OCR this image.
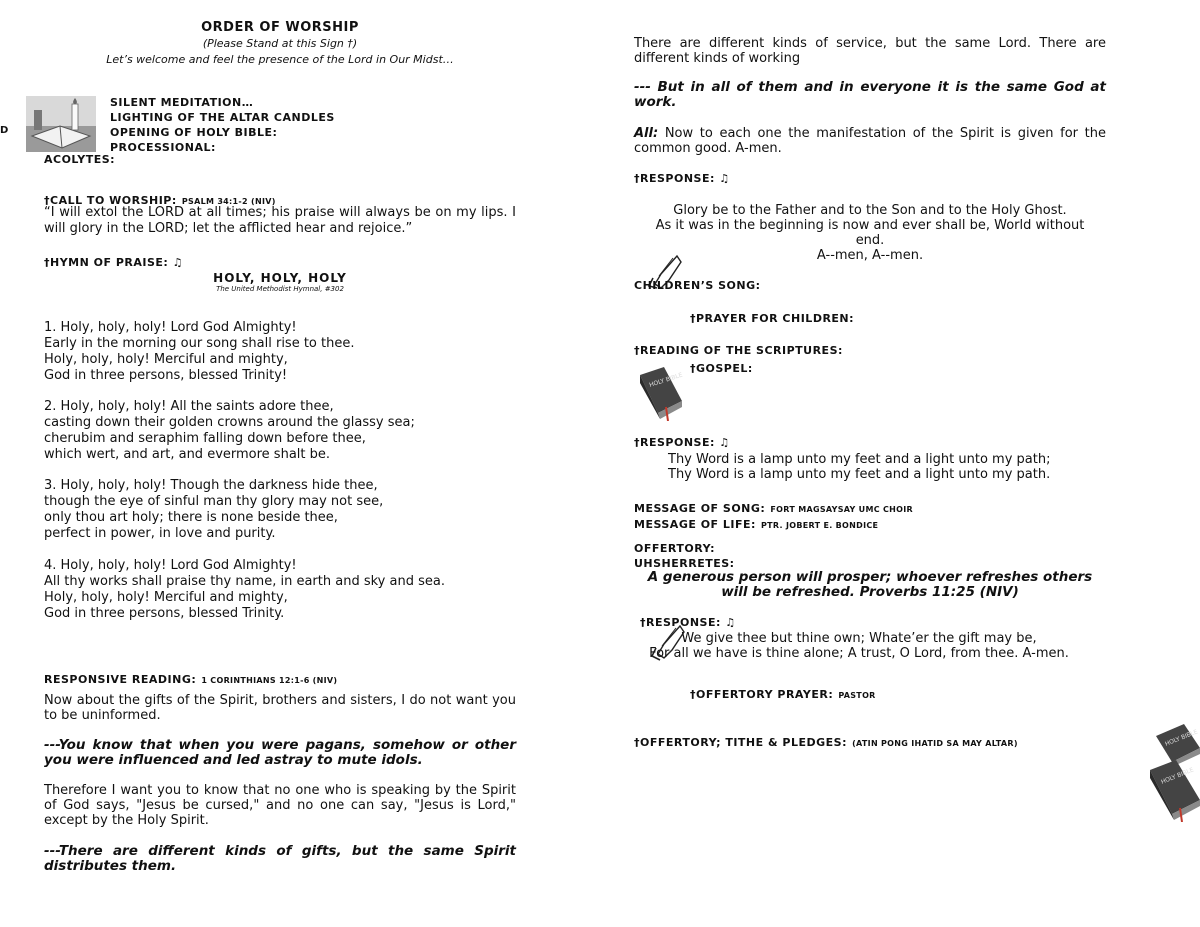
ORDER OF WORSHIP
(Please Stand at this Sign †)
Let’s welcome and feel the presence of the Lord in Our Midst…
D
SILENT MEDITATION…
LIGHTING OF THE ALTAR CANDLES
OPENING OF HOLY BIBLE:
PROCESSIONAL:
ACOLYTES:
†CALL TO WORSHIP: PSALM 34:1-2 (NIV)
“I will extol the LORD at all times; his praise will always be on my lips. I will glory in the LORD; let the afflicted hear and rejoice.”
†HYMN OF PRAISE: ♫
HOLY, HOLY, HOLY
The United Methodist Hymnal, #302
1. Holy, holy, holy! Lord God Almighty!
Early in the morning our song shall rise to thee.
Holy, holy, holy! Merciful and mighty,
God in three persons, blessed Trinity!
2. Holy, holy, holy! All the saints adore thee,
casting down their golden crowns around the glassy sea;
cherubim and seraphim falling down before thee,
which wert, and art, and evermore shalt be.
3. Holy, holy, holy! Though the darkness hide thee,
though the eye of sinful man thy glory may not see,
only thou art holy; there is none beside thee,
perfect in power, in love and purity.
4. Holy, holy, holy! Lord God Almighty!
All thy works shall praise thy name, in earth and sky and sea.
Holy, holy, holy! Merciful and mighty,
God in three persons, blessed Trinity.
RESPONSIVE READING: 1 CORINTHIANS 12:1-6 (NIV)
Now about the gifts of the Spirit, brothers and sisters, I do not want you to be uninformed.
---You know that when you were pagans, somehow or other you were influenced and led astray to mute idols.
Therefore I want you to know that no one who is speaking by the Spirit of God says, "Jesus be cursed," and no one can say, "Jesus is Lord," except by the Holy Spirit.
---There are different kinds of gifts, but the same Spirit distributes them.
There are different kinds of service, but the same Lord. There are different kinds of working
--- But in all of them and in everyone it is the same God at work.
All: Now to each one the manifestation of the Spirit is given for the common good. A-men.
†RESPONSE: ♫
Glory be to the Father and to the Son and to the Holy Ghost.
As it was in the beginning is now and ever shall be, World without
end.
A--men, A--men.
CHILDREN’S SONG:
†PRAYER FOR CHILDREN:
†READING OF THE SCRIPTURES:
HOLY BIBLE
†GOSPEL:
†RESPONSE: ♫
Thy Word is a lamp unto my feet and a light unto my path;
Thy Word is a lamp unto my feet and a light unto my path.
MESSAGE OF SONG: FORT MAGSAYSAY UMC CHOIR
MESSAGE OF LIFE: PTR. JOBERT E. BONDICE
OFFERTORY:
UHSHERRETES:
A generous person will prosper; whoever refreshes others
will be refreshed. Proverbs 11:25 (NIV)
†RESPONSE: ♫
We give thee but thine own; Whate’er the gift may be,
For all we have is thine alone; A trust, O Lord, from thee. A-men.
†OFFERTORY PRAYER: PASTOR
†OFFERTORY; TITHE & PLEDGES: (ATIN PONG IHATID SA MAY ALTAR)	HOLY BIBLE
HOLY BIBLE
